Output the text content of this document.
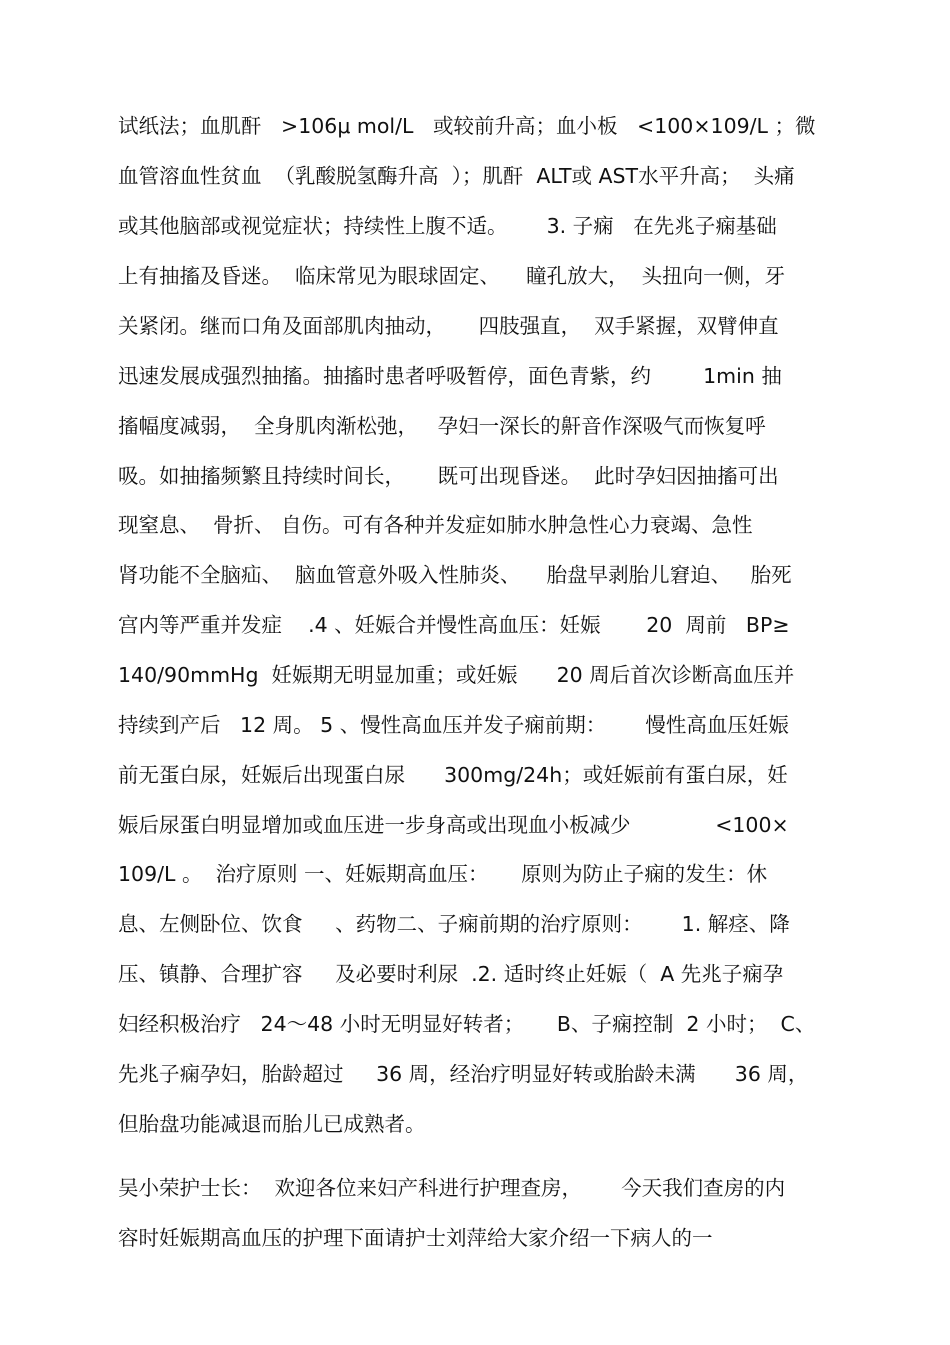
试纸法；血肌酐   >106μ mol/L   或较前升高；血小板   <100×109/L ；微
血管溶血性贫血  （乳酸脱氢酶升高  ）；肌酐  ALT或 AST水平升高；  头痛
或其他脑部或视觉症状；持续性上腹不适。      3. 子痫   在先兆子痫基础
上有抽搐及昏迷。  临床常见为眼球固定、    瞳孔放大，  头扭向一侧，牙
关紧闭。继而口角及面部肌肉抽动，     四肢强直，  双手紧握，双臂伸直
迅速发展成强烈抽搐。抽搐时患者呼吸暂停，面色青紫，约        1min 抽
搐幅度减弱，  全身肌肉渐松弛，   孕妇一深长的鼾音作深吸气而恢复呼
吸。如抽搐频繁且持续时间长，     既可出现昏迷。  此时孕妇因抽搐可出
现窒息、  骨折、 自伤。可有各种并发症如肺水肿急性心力衰竭、急性
肾功能不全脑疝、  脑血管意外吸入性肺炎、    胎盘早剥胎儿窘迫、   胎死
宫内等严重并发症    .4 、妊娠合并慢性高血压：妊娠       20  周前   BP≥
140/90mmHg  妊娠期无明显加重；或妊娠      20 周后首次诊断高血压并
持续到产后   12 周。 5 、慢性高血压并发子痫前期：      慢性高血压妊娠
前无蛋白尿，妊娠后出现蛋白尿      300mg/24h；或妊娠前有蛋白尿，妊
娠后尿蛋白明显增加或血压进一步身高或出现血小板减少             <100×
109/L 。  治疗原则 一、妊娠期高血压：     原则为防止子痫的发生：休
息、左侧卧位、饮食     、药物二、子痫前期的治疗原则：      1. 解痉、降
压、镇静、合理扩容     及必要时利尿  .2. 适时终止妊娠（  A 先兆子痫孕
妇经积极治疗   24～48 小时无明显好转者；     B、子痫控制  2 小时；  C、
先兆子痫孕妇，胎龄超过     36 周，经治疗明显好转或胎龄未满      36 周，
但胎盘功能减退而胎儿已成熟者。
吴小荣护士长：  欢迎各位来妇产科进行护理查房，      今天我们查房的内
容时妊娠期高血压的护理下面请护士刘萍给大家介绍一下病人的一
